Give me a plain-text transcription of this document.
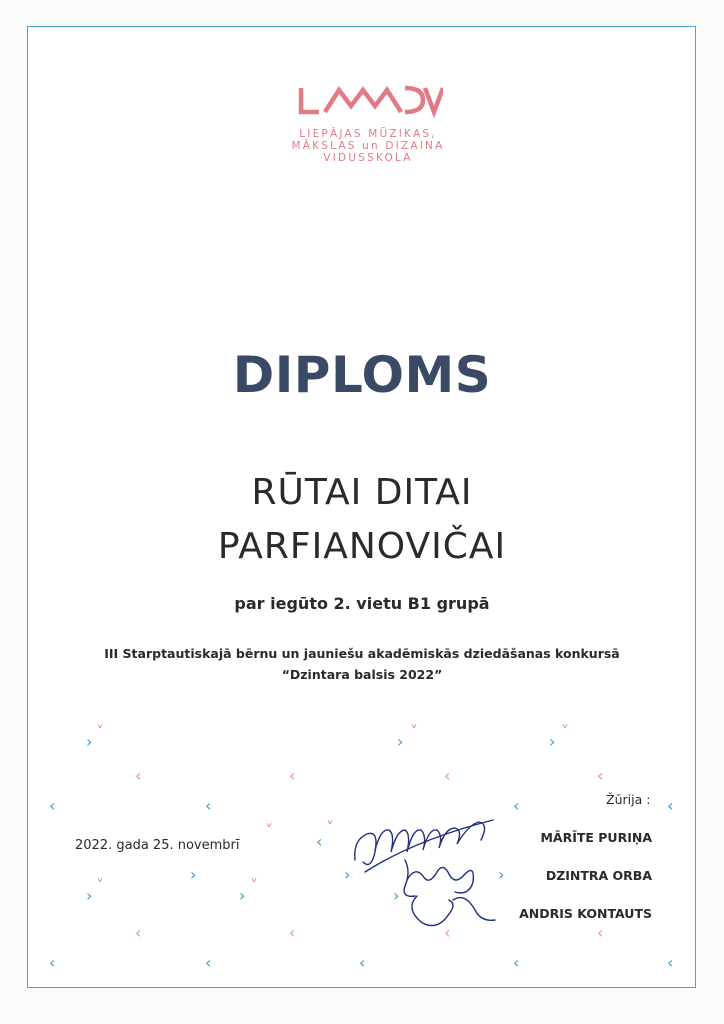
LIEPĀJAS MŪZIKAS,
MĀKSLAS un DIZAINA
VIDUSSKOLA
DIPLOMS
RŪTAI DITAI
PARFIANOVIČAI
par iegūto 2. vietu B1 grupā
III Starptautiskajā bērnu un jauniešu akadēmiskās dziedāšanas konkursā
“Dzintara balsis 2022”
˅
›
˅
›
˅
›
‹	‹	‹	‹
‹	‹	‹	‹
˅	˅
‹
›	›	›
˅
›
˅
›	›
‹	‹	‹	‹
‹	‹	‹	‹	‹
2022. gada 25. novembrī
Žūrija :
MĀRĪTE PURIŅA
DZINTRA ORBA
ANDRIS KONTAUTS
